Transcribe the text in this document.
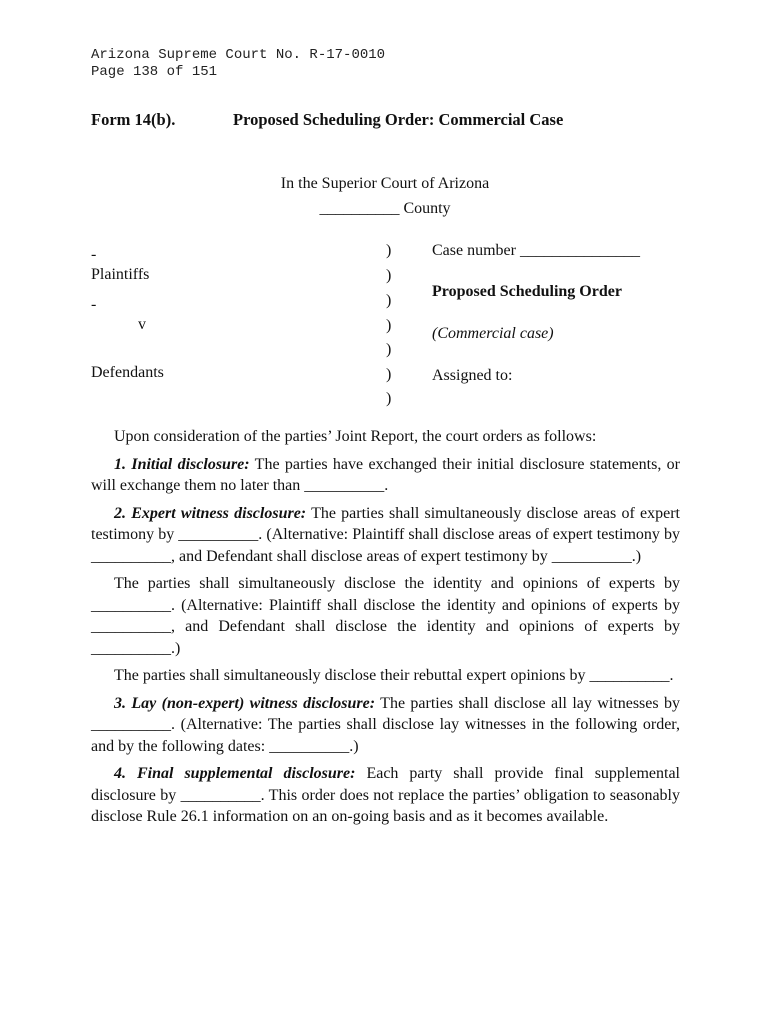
Arizona Supreme Court No. R-17-0010
Page 138 of 151
Form 14(b).	Proposed Scheduling Order: Commercial Case
In the Superior Court of Arizona
__________ County
-
Plaintiffs
-
v
Defendants
)
)
)
)
)
)
)
Case number _______________
Proposed Scheduling Order
(Commercial case)
Assigned to:

Upon consideration of the parties’ Joint Report, the court orders as follows:

1. Initial disclosure: The parties have exchanged their initial disclosure statements, or will exchange them no later than __________.

2. Expert witness disclosure: The parties shall simultaneously disclose areas of expert testimony by __________. (Alternative: Plaintiff shall disclose areas of expert testimony by __________, and Defendant shall disclose areas of expert testimony by __________.)

The parties shall simultaneously disclose the identity and opinions of experts by __________. (Alternative: Plaintiff shall disclose the identity and opinions of experts by __________, and Defendant shall disclose the identity and opinions of experts by __________.)

The parties shall simultaneously disclose their rebuttal expert opinions by __________.

3. Lay (non-expert) witness disclosure: The parties shall disclose all lay witnesses by __________. (Alternative: The parties shall disclose lay witnesses in the following order, and by the following dates: __________.)

4. Final supplemental disclosure: Each party shall provide final supplemental disclosure by __________. This order does not replace the parties’ obligation to seasonably disclose Rule 26.1 information on an on-going basis and as it becomes available.
